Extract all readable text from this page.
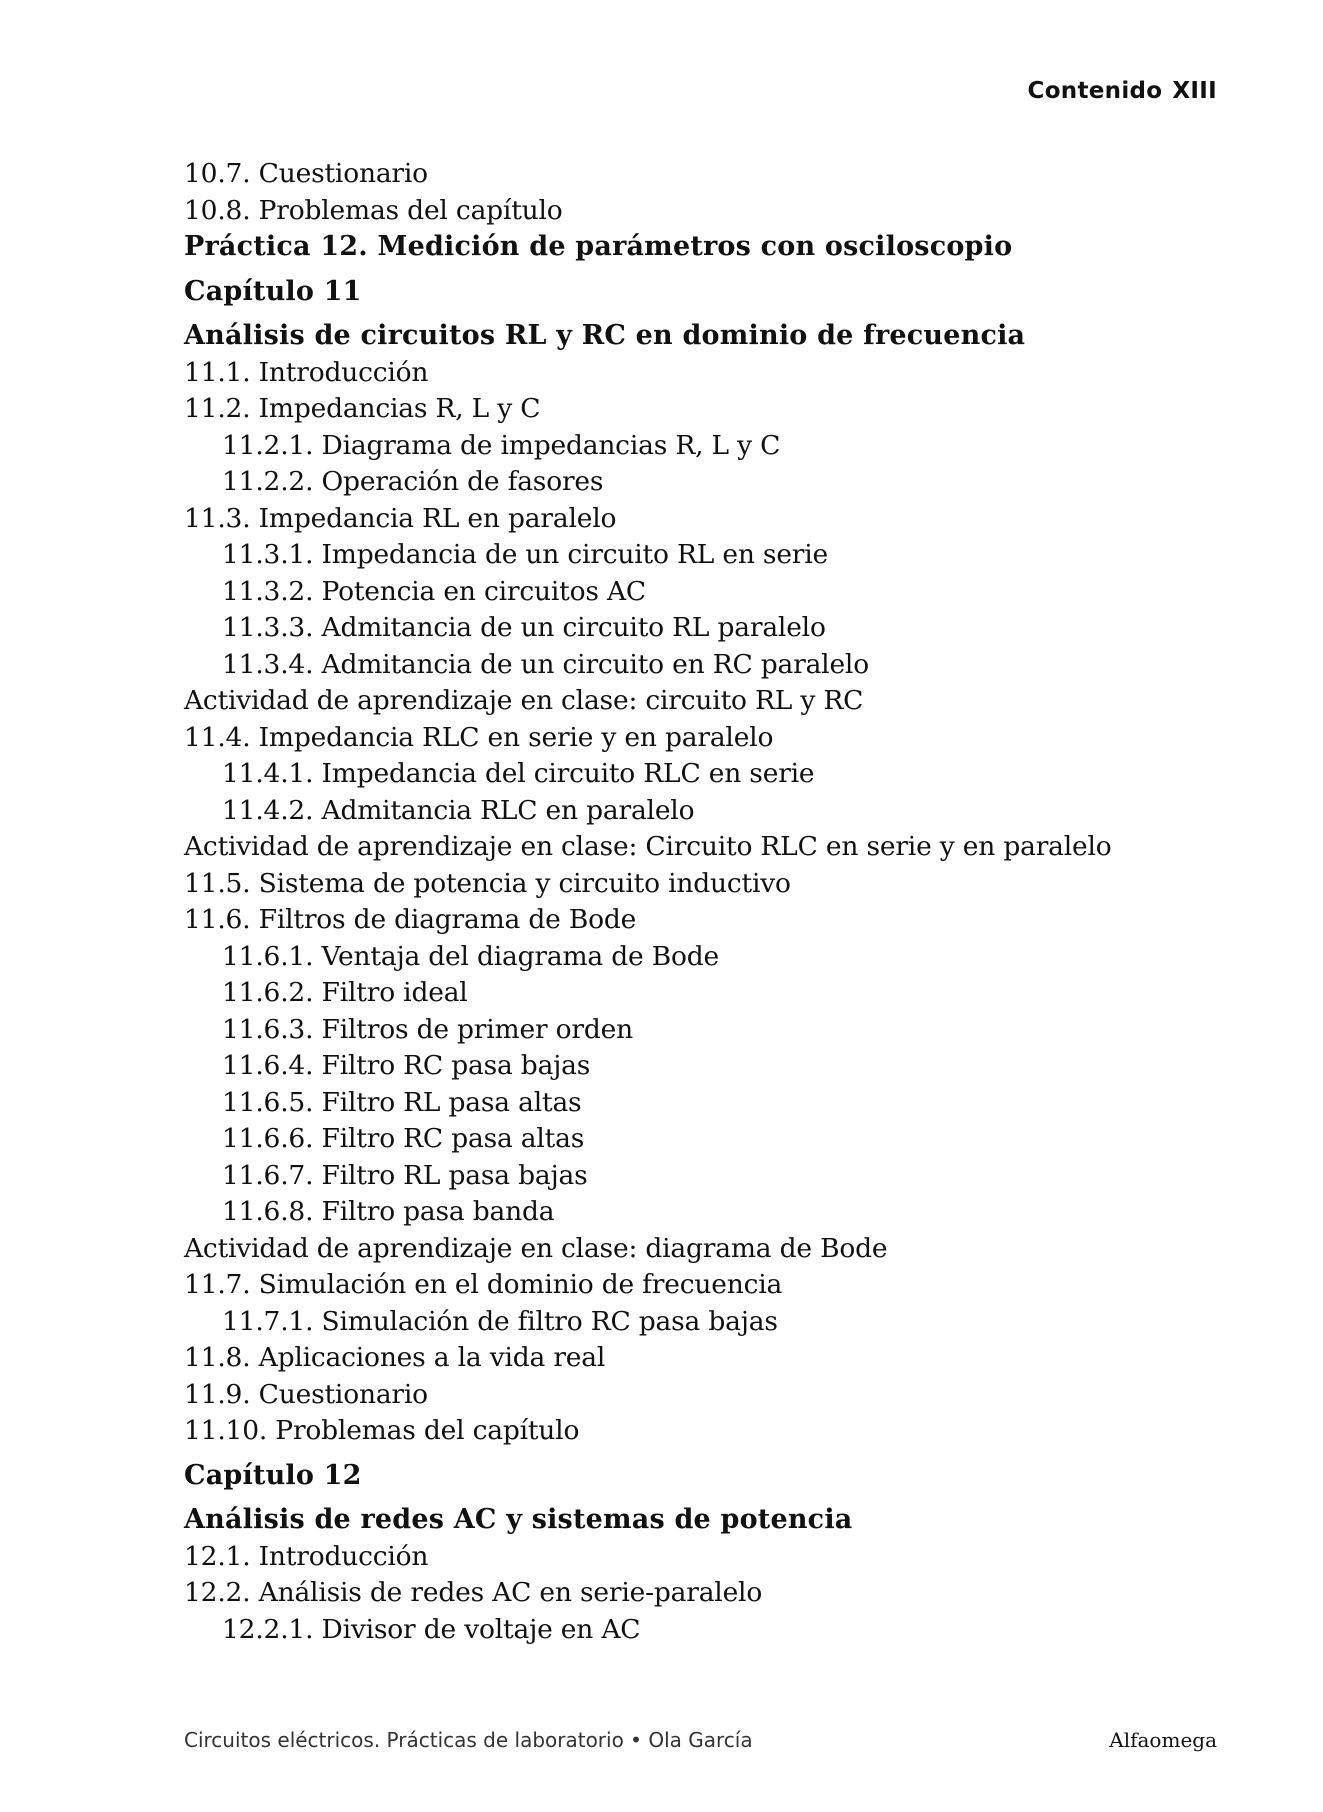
Contenido XIII
10.7. Cuestionario
10.8. Problemas del capítulo
Práctica 12. Medición de parámetros con osciloscopio
Capítulo 11
Análisis de circuitos RL y RC en dominio de frecuencia
11.1. Introducción
11.2. Impedancias R, L y C
11.2.1. Diagrama de impedancias R, L y C
11.2.2. Operación de fasores
11.3. Impedancia RL en paralelo
11.3.1. Impedancia de un circuito RL en serie
11.3.2. Potencia en circuitos AC
11.3.3. Admitancia de un circuito RL paralelo
11.3.4. Admitancia de un circuito en RC paralelo
Actividad de aprendizaje en clase: circuito RL y RC
11.4. Impedancia RLC en serie y en paralelo
11.4.1. Impedancia del circuito RLC en serie
11.4.2. Admitancia RLC en paralelo
Actividad de aprendizaje en clase: Circuito RLC en serie y en paralelo
11.5. Sistema de potencia y circuito inductivo
11.6. Filtros de diagrama de Bode
11.6.1. Ventaja del diagrama de Bode
11.6.2. Filtro ideal
11.6.3. Filtros de primer orden
11.6.4. Filtro RC pasa bajas
11.6.5. Filtro RL pasa altas
11.6.6. Filtro RC pasa altas
11.6.7. Filtro RL pasa bajas
11.6.8. Filtro pasa banda
Actividad de aprendizaje en clase: diagrama de Bode
11.7. Simulación en el dominio de frecuencia
11.7.1. Simulación de filtro RC pasa bajas
11.8. Aplicaciones a la vida real
11.9. Cuestionario
11.10. Problemas del capítulo
Capítulo 12
Análisis de redes AC y sistemas de potencia
12.1. Introducción
12.2. Análisis de redes AC en serie-paralelo
12.2.1. Divisor de voltaje en AC
Circuitos eléctricos. Prácticas de laboratorio • Ola García	Alfaomega
